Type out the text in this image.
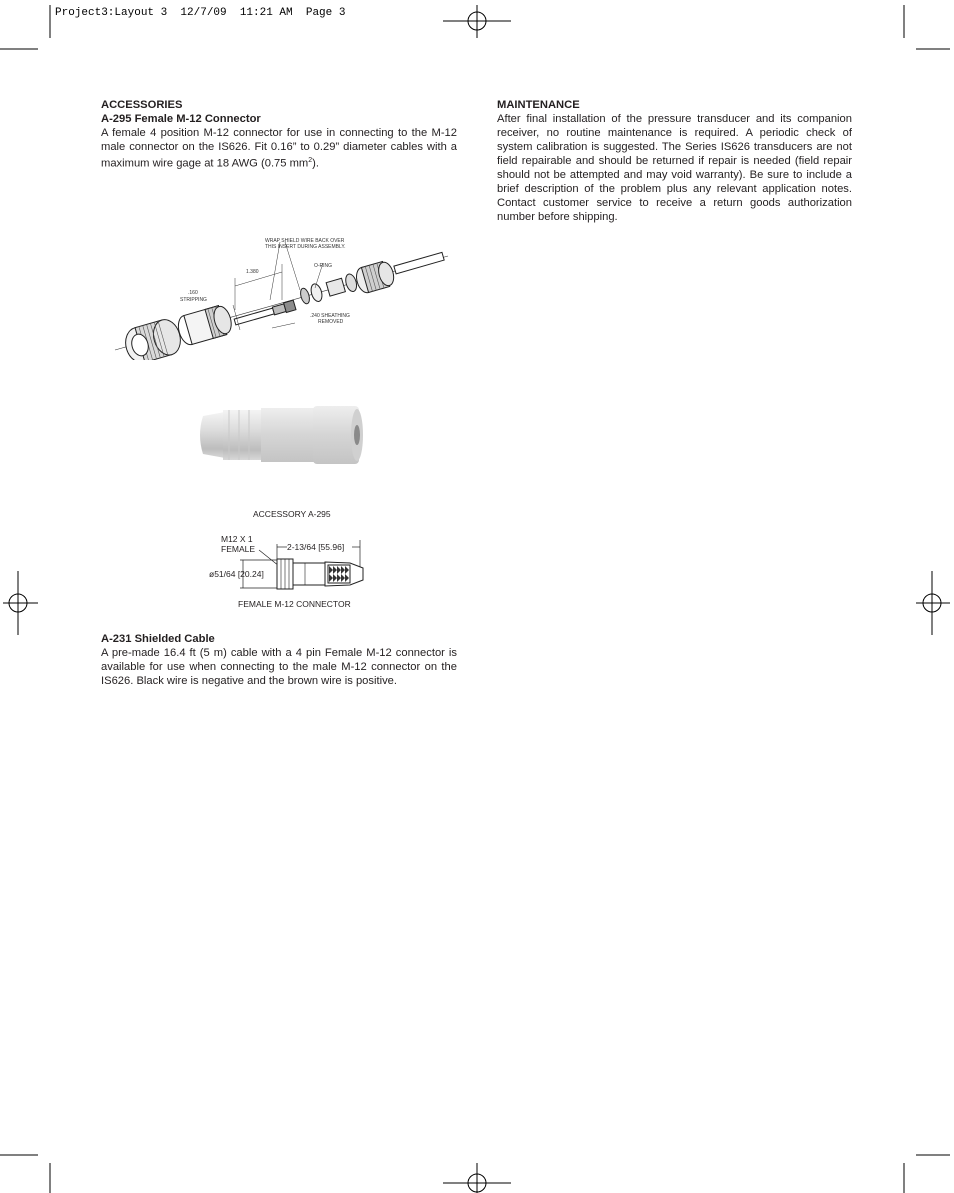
Project3:Layout 3  12/7/09  11:21 AM  Page 3

ACCESSORIES

A-295 Female M-12 Connector

A female 4 position M-12 connector for use in connecting to the M-12 male connector on the IS626. Fit 0.16” to 0.29” diameter cables with a maximum wire gage at 18 AWG (0.75 $mm^2$).

WRAP SHIELD WIRE BACK OVER
THIS INSERT DURING ASSEMBLY.
1.380
O-RING
.160
STRIPPING
.240 SHEATHING
REMOVED
ACCESSORY A-295
M12 X 1
FEMALE	2-13/64 [55.96]
ø51/64 [20.24]
FEMALE M-12 CONNECTOR

A-231 Shielded Cable

A pre-made 16.4 ft (5 m) cable with a 4 pin Female M-12 connector is available for use when connecting to the male M-12 connector on the IS626. Black wire is negative and the brown wire is positive.

MAINTENANCE

After final installation of the pressure transducer and its companion receiver, no routine maintenance is required. A periodic check of system calibration is suggested. The Series IS626 transducers are not field repairable and should be returned if repair is needed (field repair should not be attempted and may void warranty). Be sure to include a brief description of the problem plus any relevant application notes. Contact customer service to receive a return goods authorization number before shipping.
